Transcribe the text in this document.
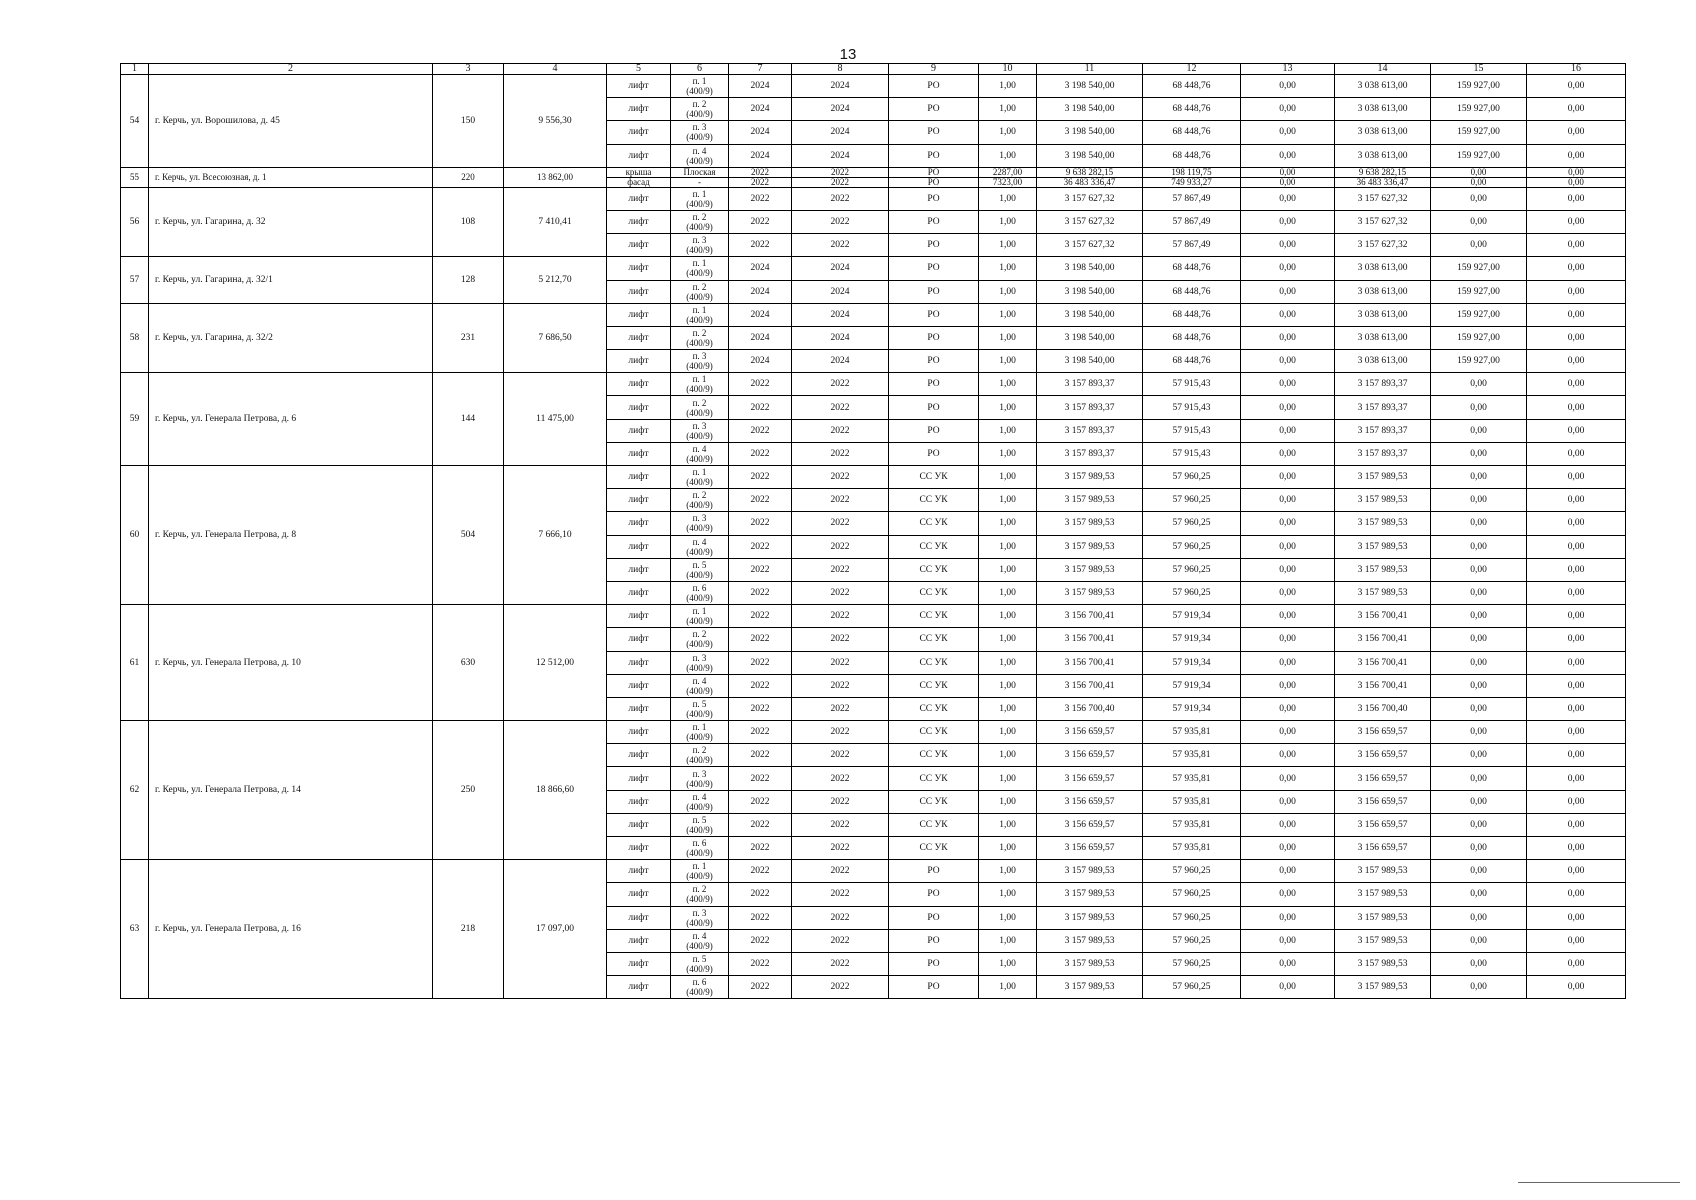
13
1	2	3	4	5	6	7	8	9	10	11	12	13	14	15	16
54	г. Керчь, ул. Ворошилова, д. 45	150	9 556,30	лифт	п. 1
(400/9)	2024	2024	РО	1,00	3 198 540,00	68 448,76	0,00	3 038 613,00	159 927,00	0,00
				лифт	п. 2
(400/9)	2024	2024	РО	1,00	3 198 540,00	68 448,76	0,00	3 038 613,00	159 927,00	0,00
				лифт	п. 3
(400/9)	2024	2024	РО	1,00	3 198 540,00	68 448,76	0,00	3 038 613,00	159 927,00	0,00
				лифт	п. 4
(400/9)	2024	2024	РО	1,00	3 198 540,00	68 448,76	0,00	3 038 613,00	159 927,00	0,00
55	г. Керчь, ул. Всесоюзная, д. 1	220	13 862,00	крыша	Плоская	2022	2022	РО	2287,00	9 638 282,15	198 119,75	0,00	9 638 282,15	0,00	0,00
				фасад	-	2022	2022	РО	7323,00	36 483 336,47	749 933,27	0,00	36 483 336,47	0,00	0,00
56	г. Керчь, ул. Гагарина, д. 32	108	7 410,41	лифт	п. 1
(400/9)	2022	2022	РО	1,00	3 157 627,32	57 867,49	0,00	3 157 627,32	0,00	0,00
				лифт	п. 2
(400/9)	2022	2022	РО	1,00	3 157 627,32	57 867,49	0,00	3 157 627,32	0,00	0,00
				лифт	п. 3
(400/9)	2022	2022	РО	1,00	3 157 627,32	57 867,49	0,00	3 157 627,32	0,00	0,00
57	г. Керчь, ул. Гагарина, д. 32/1	128	5 212,70	лифт	п. 1
(400/9)	2024	2024	РО	1,00	3 198 540,00	68 448,76	0,00	3 038 613,00	159 927,00	0,00
				лифт	п. 2
(400/9)	2024	2024	РО	1,00	3 198 540,00	68 448,76	0,00	3 038 613,00	159 927,00	0,00
58	г. Керчь, ул. Гагарина, д. 32/2	231	7 686,50	лифт	п. 1
(400/9)	2024	2024	РО	1,00	3 198 540,00	68 448,76	0,00	3 038 613,00	159 927,00	0,00
				лифт	п. 2
(400/9)	2024	2024	РО	1,00	3 198 540,00	68 448,76	0,00	3 038 613,00	159 927,00	0,00
				лифт	п. 3
(400/9)	2024	2024	РО	1,00	3 198 540,00	68 448,76	0,00	3 038 613,00	159 927,00	0,00
59	г. Керчь, ул. Генерала Петрова, д. 6	144	11 475,00	лифт	п. 1
(400/9)	2022	2022	РО	1,00	3 157 893,37	57 915,43	0,00	3 157 893,37	0,00	0,00
				лифт	п. 2
(400/9)	2022	2022	РО	1,00	3 157 893,37	57 915,43	0,00	3 157 893,37	0,00	0,00
				лифт	п. 3
(400/9)	2022	2022	РО	1,00	3 157 893,37	57 915,43	0,00	3 157 893,37	0,00	0,00
				лифт	п. 4
(400/9)	2022	2022	РО	1,00	3 157 893,37	57 915,43	0,00	3 157 893,37	0,00	0,00
60	г. Керчь, ул. Генерала Петрова, д. 8	504	7 666,10	лифт	п. 1
(400/9)	2022	2022	СС УК	1,00	3 157 989,53	57 960,25	0,00	3 157 989,53	0,00	0,00
				лифт	п. 2
(400/9)	2022	2022	СС УК	1,00	3 157 989,53	57 960,25	0,00	3 157 989,53	0,00	0,00
				лифт	п. 3
(400/9)	2022	2022	СС УК	1,00	3 157 989,53	57 960,25	0,00	3 157 989,53	0,00	0,00
				лифт	п. 4
(400/9)	2022	2022	СС УК	1,00	3 157 989,53	57 960,25	0,00	3 157 989,53	0,00	0,00
				лифт	п. 5
(400/9)	2022	2022	СС УК	1,00	3 157 989,53	57 960,25	0,00	3 157 989,53	0,00	0,00
				лифт	п. 6
(400/9)	2022	2022	СС УК	1,00	3 157 989,53	57 960,25	0,00	3 157 989,53	0,00	0,00
61	г. Керчь, ул. Генерала Петрова, д. 10	630	12 512,00	лифт	п. 1
(400/9)	2022	2022	СС УК	1,00	3 156 700,41	57 919,34	0,00	3 156 700,41	0,00	0,00
				лифт	п. 2
(400/9)	2022	2022	СС УК	1,00	3 156 700,41	57 919,34	0,00	3 156 700,41	0,00	0,00
				лифт	п. 3
(400/9)	2022	2022	СС УК	1,00	3 156 700,41	57 919,34	0,00	3 156 700,41	0,00	0,00
				лифт	п. 4
(400/9)	2022	2022	СС УК	1,00	3 156 700,41	57 919,34	0,00	3 156 700,41	0,00	0,00
				лифт	п. 5
(400/9)	2022	2022	СС УК	1,00	3 156 700,40	57 919,34	0,00	3 156 700,40	0,00	0,00
62	г. Керчь, ул. Генерала Петрова, д. 14	250	18 866,60	лифт	п. 1
(400/9)	2022	2022	СС УК	1,00	3 156 659,57	57 935,81	0,00	3 156 659,57	0,00	0,00
				лифт	п. 2
(400/9)	2022	2022	СС УК	1,00	3 156 659,57	57 935,81	0,00	3 156 659,57	0,00	0,00
				лифт	п. 3
(400/9)	2022	2022	СС УК	1,00	3 156 659,57	57 935,81	0,00	3 156 659,57	0,00	0,00
				лифт	п. 4
(400/9)	2022	2022	СС УК	1,00	3 156 659,57	57 935,81	0,00	3 156 659,57	0,00	0,00
				лифт	п. 5
(400/9)	2022	2022	СС УК	1,00	3 156 659,57	57 935,81	0,00	3 156 659,57	0,00	0,00
				лифт	п. 6
(400/9)	2022	2022	СС УК	1,00	3 156 659,57	57 935,81	0,00	3 156 659,57	0,00	0,00
63	г. Керчь, ул. Генерала Петрова, д. 16	218	17 097,00	лифт	п. 1
(400/9)	2022	2022	РО	1,00	3 157 989,53	57 960,25	0,00	3 157 989,53	0,00	0,00
				лифт	п. 2
(400/9)	2022	2022	РО	1,00	3 157 989,53	57 960,25	0,00	3 157 989,53	0,00	0,00
				лифт	п. 3
(400/9)	2022	2022	РО	1,00	3 157 989,53	57 960,25	0,00	3 157 989,53	0,00	0,00
				лифт	п. 4
(400/9)	2022	2022	РО	1,00	3 157 989,53	57 960,25	0,00	3 157 989,53	0,00	0,00
				лифт	п. 5
(400/9)	2022	2022	РО	1,00	3 157 989,53	57 960,25	0,00	3 157 989,53	0,00	0,00
				лифт	п. 6
(400/9)	2022	2022	РО	1,00	3 157 989,53	57 960,25	0,00	3 157 989,53	0,00	0,00
